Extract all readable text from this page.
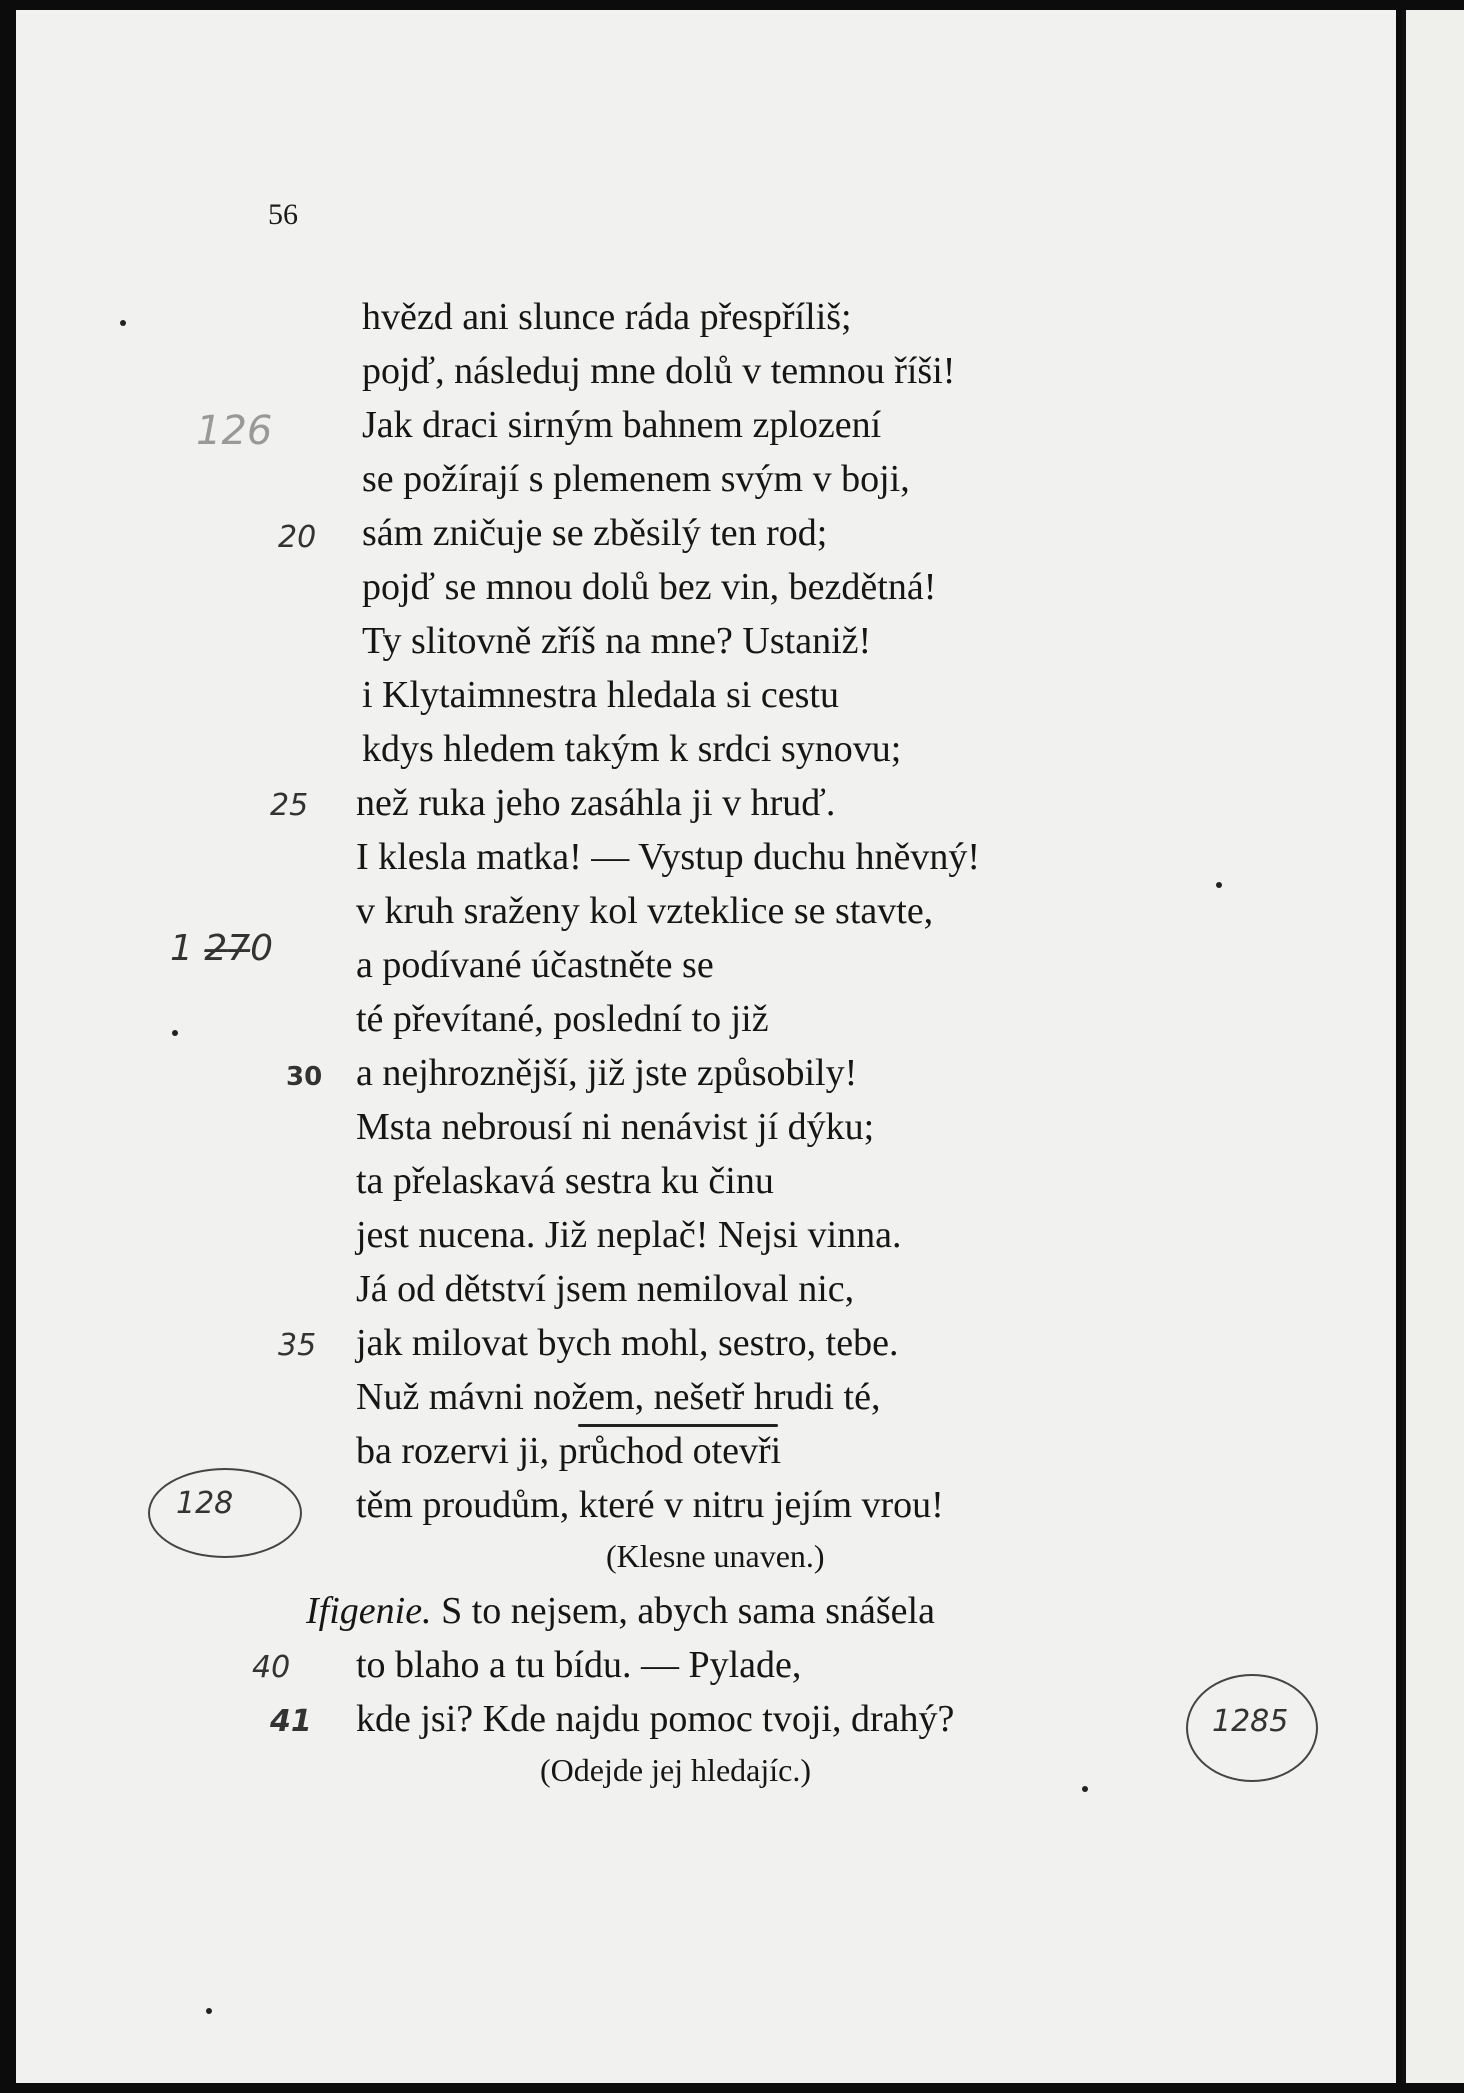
56
hvězd ani slunce ráda přespříliš;
pojď, následuj mne dolů v temnou říši!
Jak draci sirným bahnem zplození
se požírají s plemenem svým v boji,
sám zničuje se zběsilý ten rod;
pojď se mnou dolů bez vin, bezdětná!
Ty slitovně zříš na mne? Ustaniž!
i Klytaimnestra hledala si cestu
kdys hledem takým k srdci synovu;
než ruka jeho zasáhla ji v hruď.
I klesla matka! — Vystup duchu hněvný!
v kruh sraženy kol vzteklice se stavte,
a podívané účastněte se
té převítané, poslední to již
a nejhroznější, již jste způsobily!
Msta nebrousí ni nenávist jí dýku;
ta přelaskavá sestra ku činu
jest nucena. Již neplač! Nejsi vinna.
Já od dětství jsem nemiloval nic,
jak milovat bych mohl, sestro, tebe.
Nuž mávni nožem, nešetř hrudi té,
ba rozervi ji, průchod otevři
těm proudům, které v nitru jejím vrou!
(Klesne unaven.)
Ifigenie. S to nejsem, abych sama snášela
to blaho a tu bídu. — Pylade,
kde jsi? Kde najdu pomoc tvoji, drahý?
(Odejde jej hledajíc.)
126
20
25
1 2̶7̶0
30
35
128
40
41	1285
